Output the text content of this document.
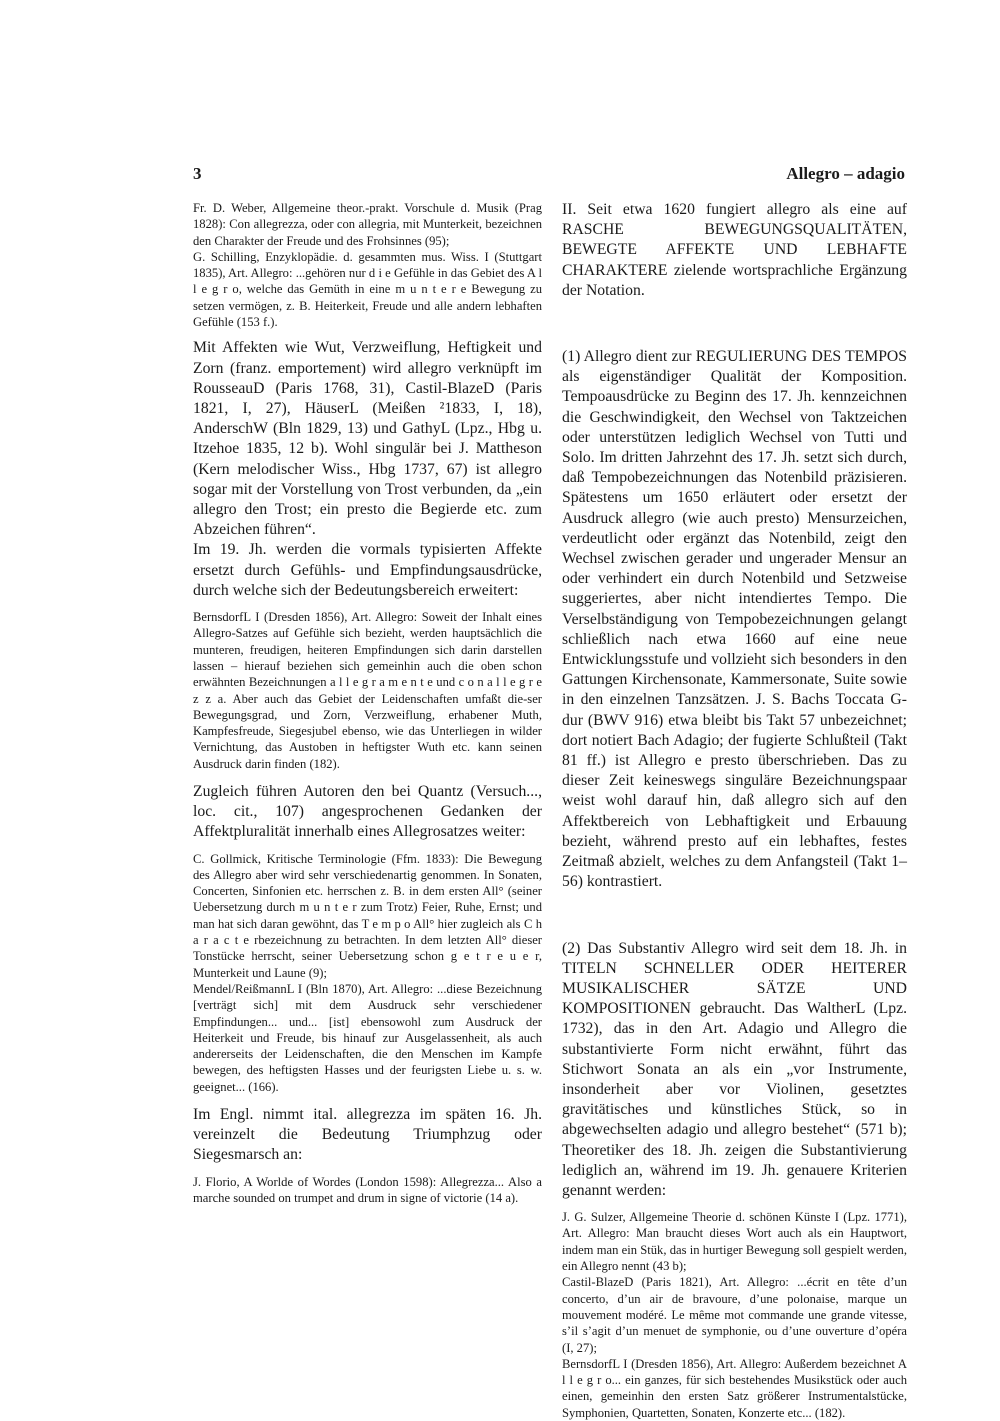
3	Allegro – adagio

Fr. D. Weber, Allgemeine theor.-prakt. Vorschule d. Musik (Prag 1828): Con allegrezza, oder con allegria, mit Munterkeit, bezeichnen den Charakter der Freude und des Frohsinnes (95);

G. Schilling, Enzyklopädie. d. gesammten mus. Wiss. I (Stuttgart 1835), Art. Allegro: ...gehören nur d i e Gefühle in das Gebiet des A l l e g r o, welche das Gemüth in eine m u n t e r e Bewegung zu setzen vermögen, z. B. Heiterkeit, Freude und alle andern lebhaften Gefühle (153 f.).

Mit Affekten wie Wut, Verzweiflung, Heftigkeit und Zorn (franz. emportement) wird allegro verknüpft im RousseauD (Paris 1768, 31), Castil-BlazeD (Paris 1821, I, 27), HäuserL (Meißen ²1833, I, 18), AnderschW (Bln 1829, 13) und GathyL (Lpz., Hbg u. Itzehoe 1835, 12 b). Wohl singulär bei J. Mattheson (Kern melodischer Wiss., Hbg 1737, 67) ist allegro sogar mit der Vorstellung von Trost verbunden, da „ein allegro den Trost; ein presto die Begierde etc. zum Abzeichen führen“.

Im 19. Jh. werden die vormals typisierten Affekte ersetzt durch Gefühls- und Empfindungsausdrücke, durch welche sich der Bedeutungsbereich erweitert:

BernsdorfL I (Dresden 1856), Art. Allegro: Soweit der Inhalt eines Allegro-Satzes auf Gefühle sich bezieht, werden hauptsächlich die munteren, freudigen, heiteren Empfindungen sich darin darstellen lassen – hierauf beziehen sich gemeinhin auch die oben schon erwähnten Bezeichnungen a l l e g r a m e n t e und c o n a l l e g r e z z a. Aber auch das Gebiet der Leidenschaften umfaßt die-ser Bewegungsgrad, und Zorn, Verzweiflung, erhabener Muth, Kampfesfreude, Siegesjubel ebenso, wie das Unterliegen in wilder Vernichtung, das Austoben in heftigster Wuth etc. kann seinen Ausdruck darin finden (182).

Zugleich führen Autoren den bei Quantz (Versuch..., loc. cit., 107) angesprochenen Gedanken der Affektpluralität innerhalb eines Allegrosatzes weiter:

C. Gollmick, Kritische Terminologie (Ffm. 1833): Die Bewegung des Allegro aber wird sehr verschiedenartig genommen. In Sonaten, Concerten, Sinfonien etc. herrschen z. B. in dem ersten All° (seiner Uebersetzung durch m u n t e r zum Trotz) Feier, Ruhe, Ernst; und man hat sich daran gewöhnt, das T e m p o All° hier zugleich als C h a r a c t e rbezeichnung zu betrachten. In dem letzten All° dieser Tonstücke herrscht, seiner Uebersetzung schon g e t r e u e r, Munterkeit und Laune (9);

Mendel/ReißmannL I (Bln 1870), Art. Allegro: ...diese Bezeichnung [verträgt sich] mit dem Ausdruck sehr verschiedener Empfindungen... und... [ist] ebensowohl zum Ausdruck der Heiterkeit und Freude, bis hinauf zur Ausgelassenheit, als auch andererseits der Leidenschaften, die den Menschen im Kampfe bewegen, des heftigsten Hasses und der feurigsten Liebe u. s. w. geeignet... (166).

Im Engl. nimmt ital. allegrezza im späten 16. Jh. vereinzelt die Bedeutung Triumphzug oder Siegesmarsch an:

J. Florio, A Worlde of Wordes (London 1598): Allegrezza... Also a marche sounded on trumpet and drum in signe of victorie (14 a).

II. Seit etwa 1620 fungiert allegro als eine auf RASCHE BEWEGUNGSQUALITÄTEN, BEWEGTE AFFEKTE UND LEBHAFTE CHARAKTERE zielende wortsprachliche Ergänzung der Notation.

(1) Allegro dient zur REGULIERUNG DES TEMPOS als eigenständiger Qualität der Komposition. Tempoausdrücke zu Beginn des 17. Jh. kennzeichnen die Geschwindigkeit, den Wechsel von Taktzeichen oder unterstützen lediglich Wechsel von Tutti und Solo. Im dritten Jahrzehnt des 17. Jh. setzt sich durch, daß Tempobezeichnungen das Notenbild präzisieren. Spätestens um 1650 erläutert oder ersetzt der Ausdruck allegro (wie auch presto) Mensurzeichen, verdeutlicht oder ergänzt das Notenbild, zeigt den Wechsel zwischen gerader und ungerader Mensur an oder verhindert ein durch Notenbild und Setzweise suggeriertes, aber nicht intendiertes Tempo. Die Verselbständigung von Tempobezeichnungen gelangt schließlich nach etwa 1660 auf eine neue Entwicklungsstufe und vollzieht sich besonders in den Gattungen Kirchensonate, Kammersonate, Suite sowie in den einzelnen Tanzsätzen. J. S. Bachs Toccata G-dur (BWV 916) etwa bleibt bis Takt 57 unbezeichnet; dort notiert Bach Adagio; der fugierte Schlußteil (Takt 81 ff.) ist Allegro e presto überschrieben. Das zu dieser Zeit keineswegs singuläre Bezeichnungspaar weist wohl darauf hin, daß allegro sich auf den Affektbereich von Lebhaftigkeit und Erbauung bezieht, während presto auf ein lebhaftes, festes Zeitmaß abzielt, welches zu dem Anfangsteil (Takt 1–56) kontrastiert.

(2) Das Substantiv Allegro wird seit dem 18. Jh. in TITELN SCHNELLER ODER HEITERER MUSIKALISCHER SÄTZE UND KOMPOSITIONEN gebraucht. Das WaltherL (Lpz. 1732), das in den Art. Adagio und Allegro die substantivierte Form nicht erwähnt, führt das Stichwort Sonata an als ein „vor Instrumente, insonderheit aber vor Violinen, gesetztes gravitätisches und künstliches Stück, so in abgewechselten adagio und allegro bestehet“ (571 b); Theoretiker des 18. Jh. zeigen die Substantivierung lediglich an, während im 19. Jh. genauere Kriterien genannt werden:

J. G. Sulzer, Allgemeine Theorie d. schönen Künste I (Lpz. 1771), Art. Allegro: Man braucht dieses Wort auch als ein Hauptwort, indem man ein Stük, das in hurtiger Bewegung soll gespielt werden, ein Allegro nennt (43 b);

Castil-BlazeD (Paris 1821), Art. Allegro: ...écrit en tête d’un concerto, d’un air de bravoure, d’une polonaise, marque un mouvement modéré. Le même mot commande une grande vitesse, s’il s’agit d’un menuet de symphonie, ou d’une ouverture d’opéra (I, 27);

BernsdorfL I (Dresden 1856), Art. Allegro: Außerdem bezeichnet A l l e g r o... ein ganzes, für sich bestehendes Musikstück oder auch einen, gemeinhin den ersten Satz größerer Instrumentalstücke, Symphonien, Quartetten, Sonaten, Konzerte etc... (182).
